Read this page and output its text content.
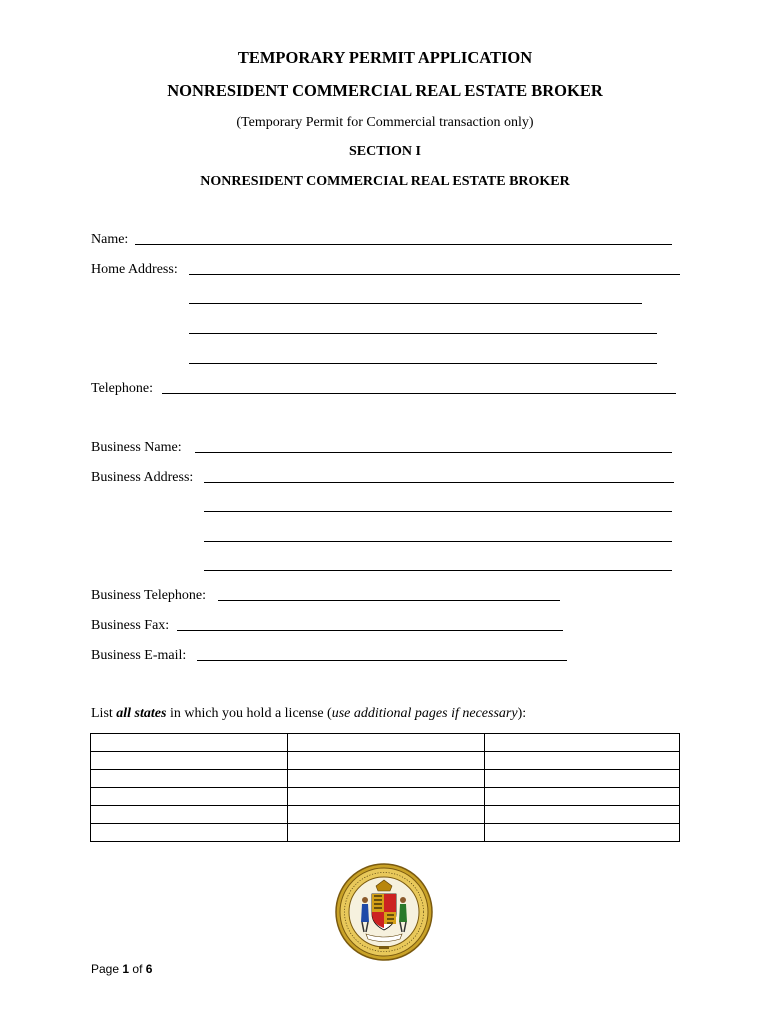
TEMPORARY PERMIT APPLICATION
NONRESIDENT COMMERCIAL REAL ESTATE BROKER
(Temporary Permit for Commercial transaction only)
SECTION I
NONRESIDENT COMMERCIAL REAL ESTATE BROKER
Name:
Home Address:
Telephone:
Business Name:
Business Address:
Business Telephone:
Business Fax:
Business E-mail:
List all states in which you hold a license (use additional pages if necessary):

Page 1 of 6
